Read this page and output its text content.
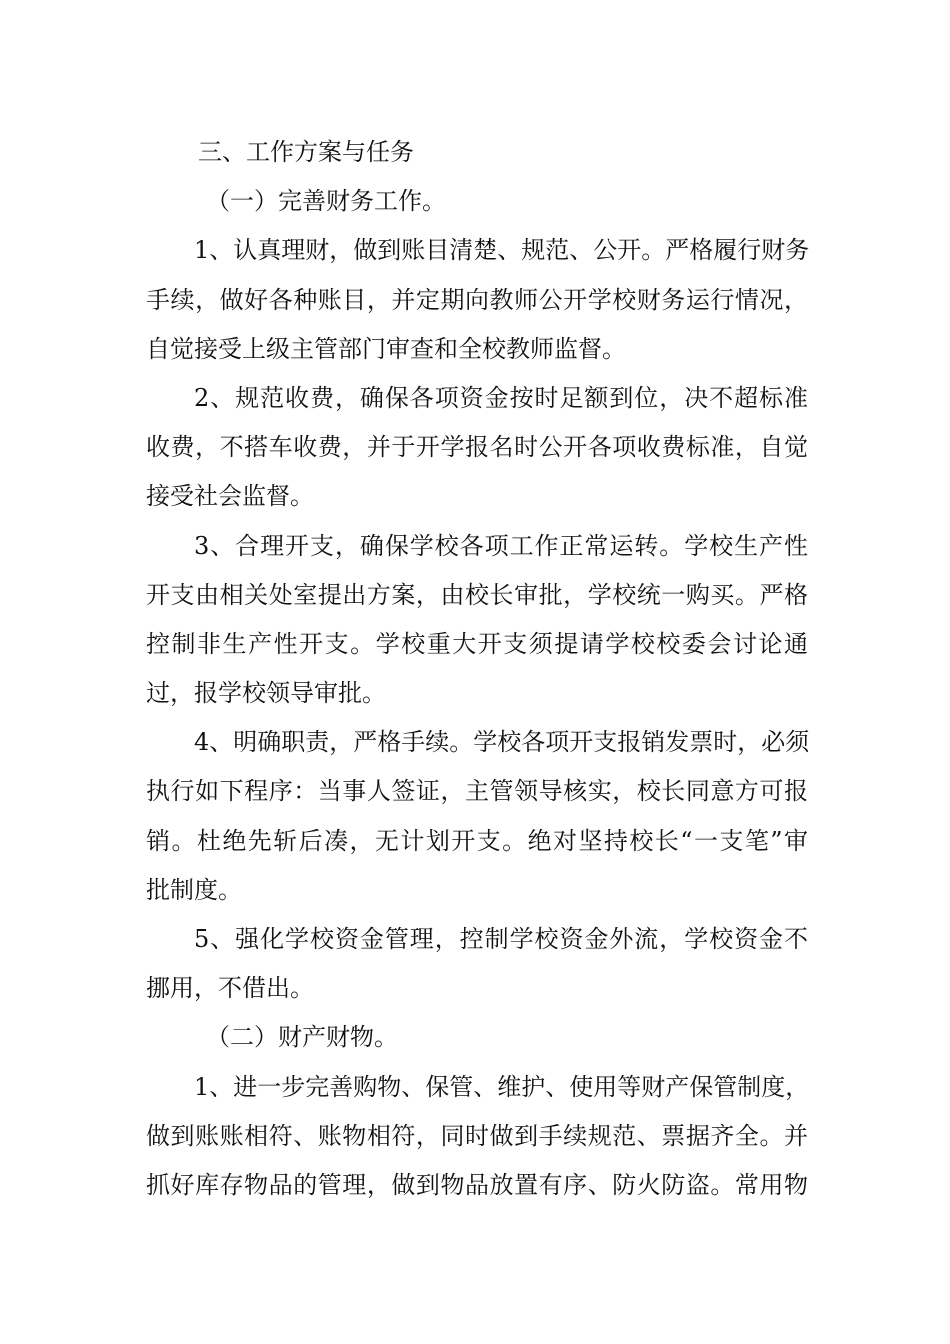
三、工作方案与任务
（一）完善财务工作。
1、认真理财，做到账目清楚、规范、公开。严格履行财务
手续，做好各种账目，并定期向教师公开学校财务运行情况，
自觉接受上级主管部门审查和全校教师监督。
2、规范收费，确保各项资金按时足额到位，决不超标准
收费，不搭车收费，并于开学报名时公开各项收费标准，自觉
接受社会监督。
3、合理开支，确保学校各项工作正常运转。学校生产性
开支由相关处室提出方案，由校长审批，学校统一购买。严格
控制非生产性开支。学校重大开支须提请学校校委会讨论通
过，报学校领导审批。
4、明确职责，严格手续。学校各项开支报销发票时，必须
执行如下程序：当事人签证，主管领导核实，校长同意方可报
销。杜绝先斩后凑，无计划开支。绝对坚持校长“一支笔”审
批制度。
5、强化学校资金管理，控制学校资金外流，学校资金不
挪用，不借出。
（二）财产财物。
1、进一步完善购物、保管、维护、使用等财产保管制度，
做到账账相符、账物相符，同时做到手续规范、票据齐全。并
抓好库存物品的管理，做到物品放置有序、防火防盗。常用物
